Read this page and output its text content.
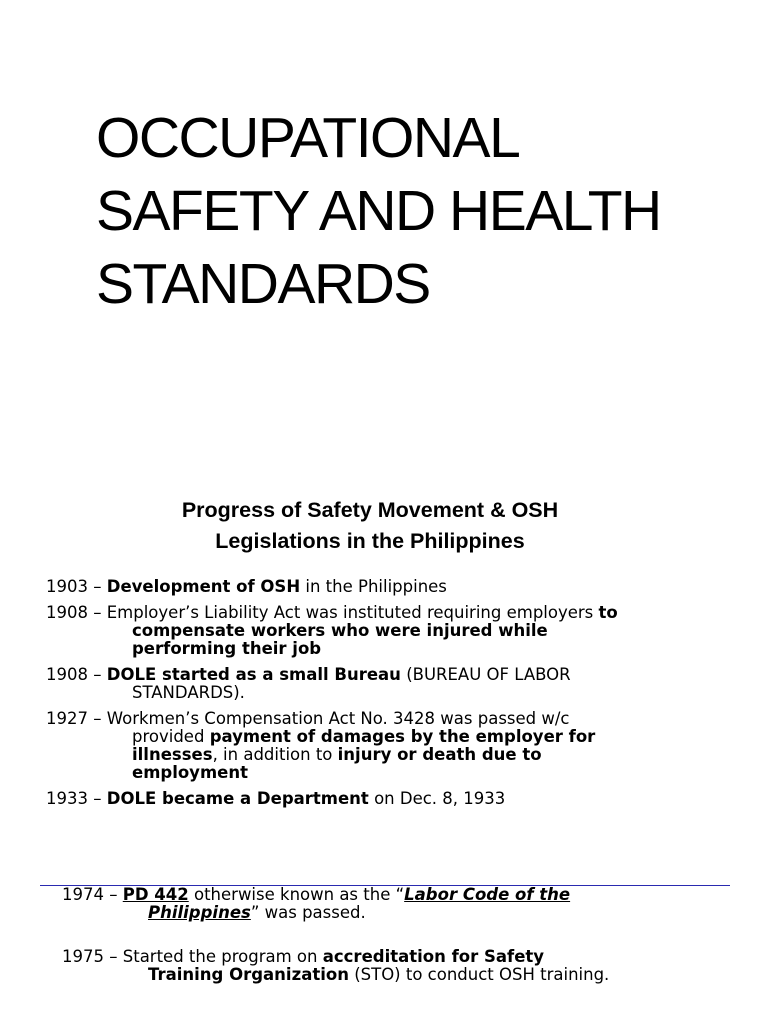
OCCUPATIONAL
SAFETY AND HEALTH
STANDARDS
Progress of Safety Movement & OSH
Legislations in the Philippines
1903 – Development of OSH in the Philippines
1908 – Employer’s Liability Act was instituted requiring employers to
compensate workers who were injured while
performing their job
1908 – DOLE started as a small Bureau (BUREAU OF LABOR
STANDARDS).
1927 – Workmen’s Compensation Act No. 3428 was passed w/c
provided payment of damages by the employer for
illnesses, in addition to injury or death due to
employment
1933 – DOLE became a Department on Dec. 8, 1933
1974 – PD 442 otherwise known as the “Labor Code of the
Philippines” was passed.
1975 – Started the program on accreditation for Safety
Training Organization (STO) to conduct OSH training.
